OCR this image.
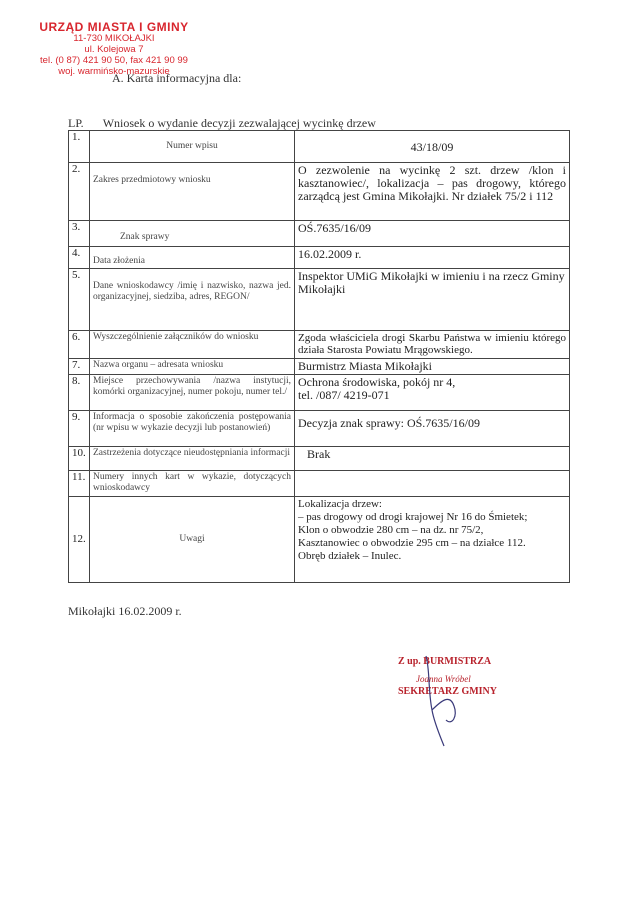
URZĄD MIASTA I GMINY
11-730 MIKOŁAJKI
ul. Kolejowa 7
tel. (0 87) 421 90 50, fax 421 90 99
woj. warmińsko-mazurskie
A. Karta informacyjna dla:
LP. Wniosek o wydanie decyzji zezwalającej wycinkę drzew
1.	Numer wpisu	43/18/09
2.	Zakres przedmiotowy wniosku	O zezwolenie na wycinkę 2 szt. drzew /klon i kasztanowiec/, lokalizacja – pas drogowy, którego zarządcą jest Gmina Mikołajki. Nr działek 75/2 i 112
3.	Znak sprawy	OŚ.7635/16/09
4.	Data złożenia	16.02.2009 r.
5.	Dane wnioskodawcy /imię i nazwisko, nazwa jed. organizacyjnej, siedziba, adres, REGON/	Inspektor UMiG Mikołajki w imieniu i na rzecz Gminy Mikołajki
6.	Wyszczególnienie załączników do wniosku	Zgoda właściciela drogi Skarbu Państwa w imieniu którego działa Starosta Powiatu Mrągowskiego.
7.	Nazwa organu – adresata wniosku	Burmistrz Miasta Mikołajki
8.	Miejsce przechowywania /nazwa instytucji, komórki organizacyjnej, numer pokoju, numer tel./	Ochrona środowiska, pokój nr 4,
tel. /087/ 4219-071

9.	Informacja o sposobie zakończenia postępowania (nr wpisu w wykazie decyzji lub postanowień)	Decyzja znak sprawy: OŚ.7635/16/09
10.	Zastrzeżenia dotyczące nieudostępniania informacji	Brak
11.	Numery innych kart w wykazie, dotyczących wnioskodawcy	
12.	Uwagi	Lokalizacja drzew:
– pas drogowy od drogi krajowej Nr 16 do Śmietek;
Klon o obwodzie 280 cm – na dz. nr 75/2,
Kasztanowiec o obwodzie 295 cm – na działce 112.
Obręb działek – Inulec.
Mikołajki 16.02.2009 r.
Z up. BURMISTRZA
Joanna Wróbel
SEKRETARZ GMINY
